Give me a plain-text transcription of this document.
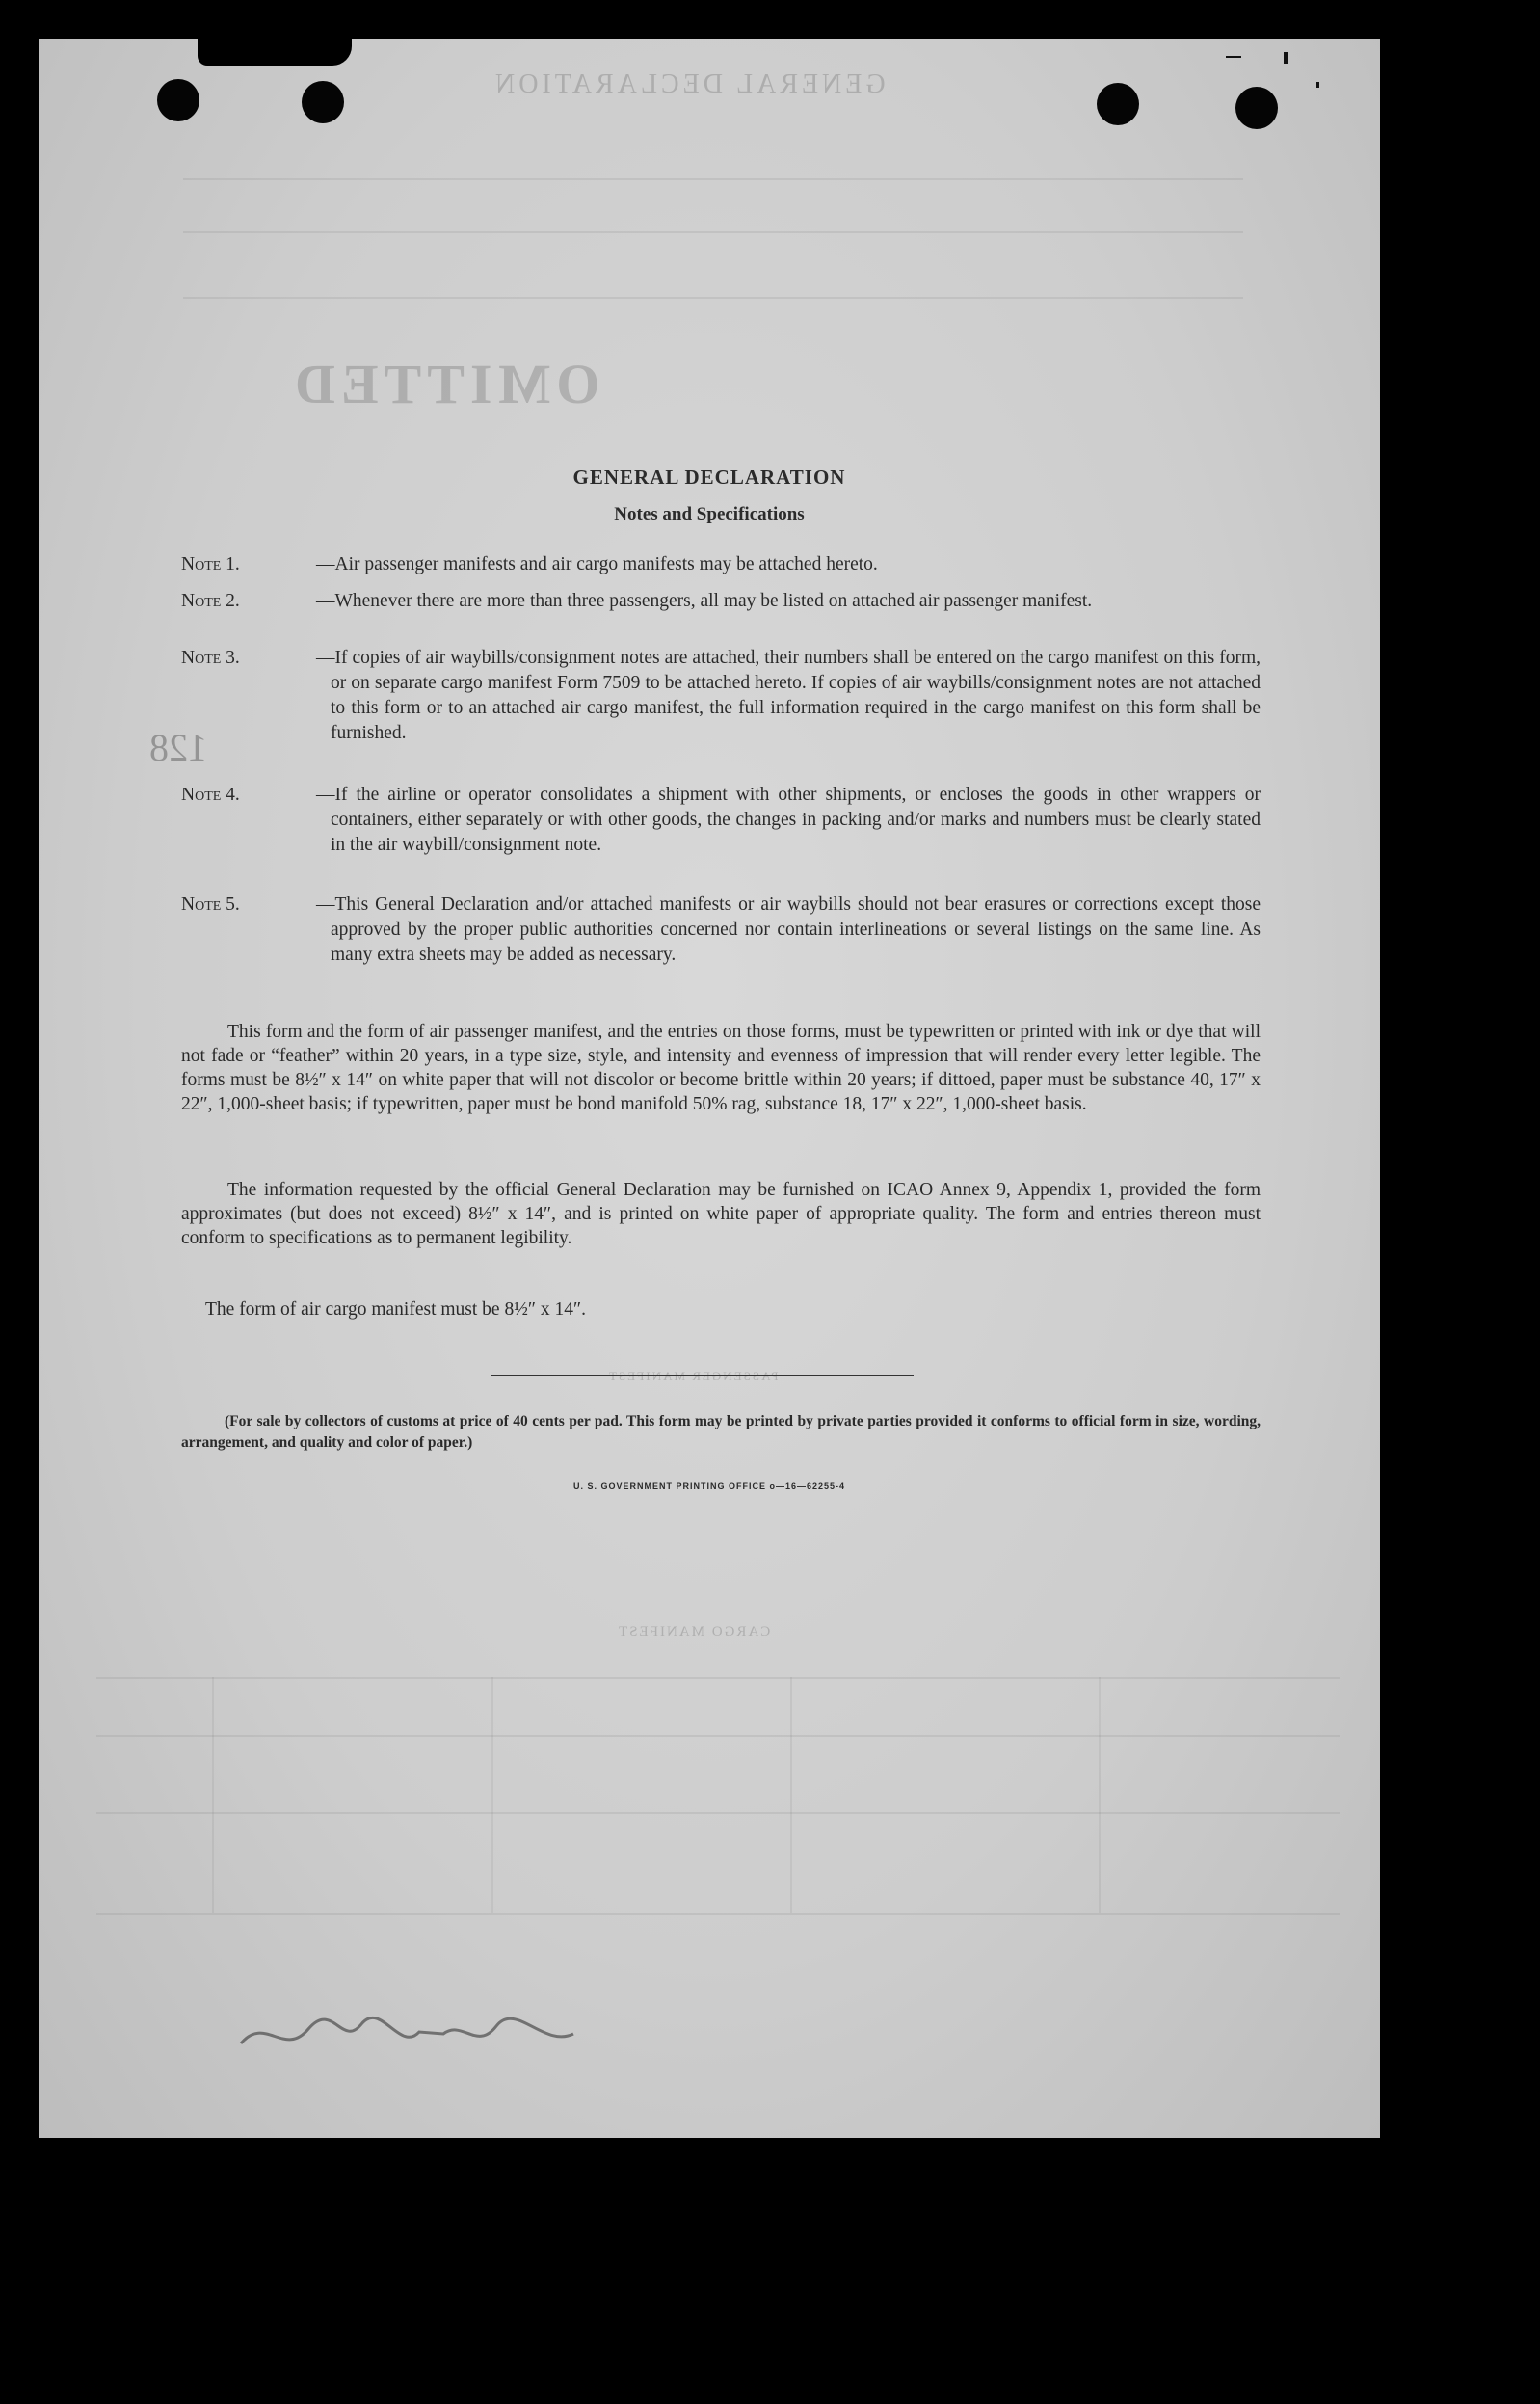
GENERAL DECLARATION
OMITTED
CARGO MANIFEST
128
GENERAL DECLARATION
Notes and Specifications
Note 1.	—Air passenger manifests and air cargo manifests may be attached hereto.
Note 2.	—Whenever there are more than three passengers, all may be listed on attached air passenger manifest.
Note 3.	—If copies of air waybills/consignment notes are attached, their numbers shall be entered on the cargo manifest on this form, or on separate cargo manifest Form 7509 to be attached hereto. If copies of air waybills/consignment notes are not attached to this form or to an attached air cargo manifest, the full information required in the cargo manifest on this form shall be furnished.
Note 4.	—If the airline or operator consolidates a shipment with other shipments, or encloses the goods in other wrappers or containers, either separately or with other goods, the changes in packing and/or marks and numbers must be clearly stated in the air waybill/consignment note.
Note 5.	—This General Declaration and/or attached manifests or air waybills should not bear erasures or corrections except those approved by the proper public authorities concerned nor contain interlineations or several listings on the same line. As many extra sheets may be added as necessary.
This form and the form of air passenger manifest, and the entries on those forms, must be typewritten or printed with ink or dye that will not fade or “feather” within 20 years, in a type size, style, and intensity and evenness of impression that will render every letter legible. The forms must be 8½″ x 14″ on white paper that will not discolor or become brittle within 20 years; if dittoed, paper must be substance 40, 17″ x 22″, 1,000-sheet basis; if typewritten, paper must be bond manifold 50% rag, substance 18, 17″ x 22″, 1,000-sheet basis.
The information requested by the official General Declaration may be furnished on ICAO Annex 9, Appendix 1, provided the form approximates (but does not exceed) 8½″ x 14″, and is printed on white paper of appropriate quality. The form and entries thereon must conform to specifications as to permanent legibility.
The form of air cargo manifest must be 8½″ x 14″.
(For sale by collectors of customs at price of 40 cents per pad. This form may be printed by private parties provided it conforms to official form in size, wording, arrangement, and quality and color of paper.)
U. S. GOVERNMENT PRINTING OFFICE o—16—62255-4
